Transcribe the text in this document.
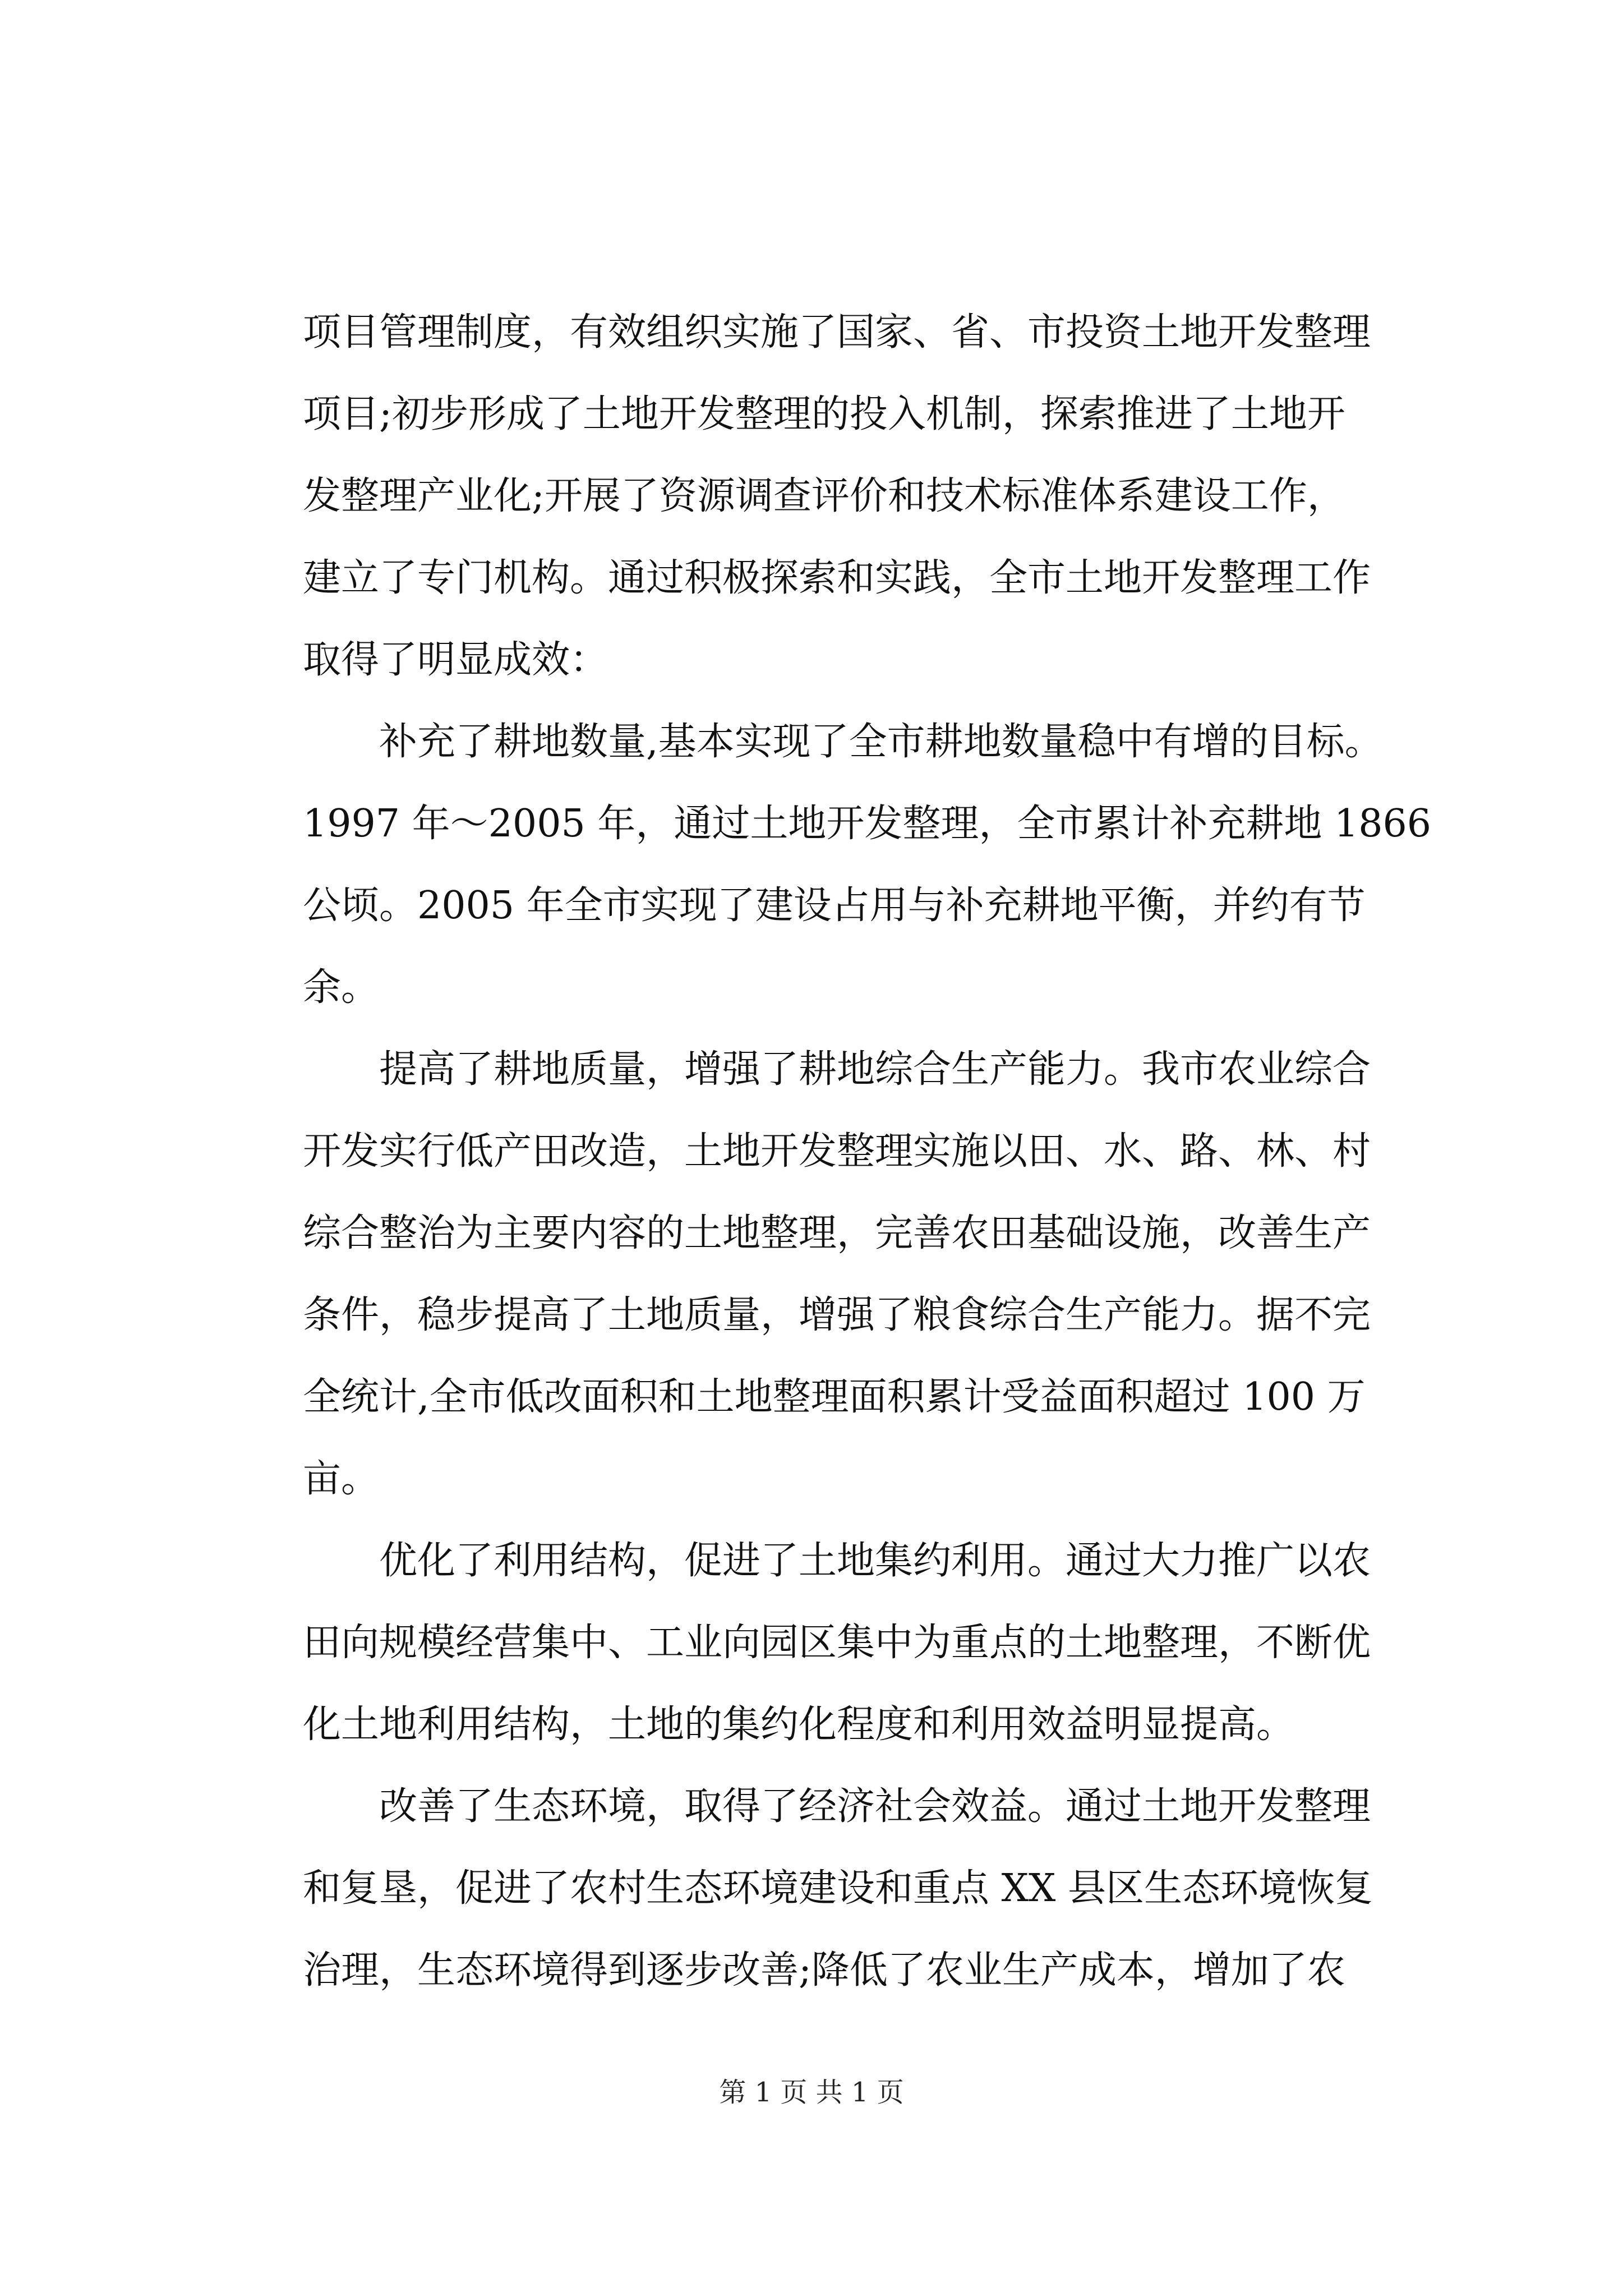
项目管理制度，有效组织实施了国家、省、市投资土地开发整理
项目;初步形成了土地开发整理的投入机制，探索推进了土地开
发整理产业化;开展了资源调查评价和技术标准体系建设工作，
建立了专门机构。通过积极探索和实践，全市土地开发整理工作
取得了明显成效：
补充了耕地数量,基本实现了全市耕地数量稳中有增的目标。
1997 年～2005 年，通过土地开发整理，全市累计补充耕地 1866
公顷。2005 年全市实现了建设占用与补充耕地平衡，并约有节
余。
提高了耕地质量，增强了耕地综合生产能力。我市农业综合
开发实行低产田改造，土地开发整理实施以田、水、路、林、村
综合整治为主要内容的土地整理，完善农田基础设施，改善生产
条件，稳步提高了土地质量，增强了粮食综合生产能力。据不完
全统计,全市低改面积和土地整理面积累计受益面积超过 100 万
亩。
优化了利用结构，促进了土地集约利用。通过大力推广以农
田向规模经营集中、工业向园区集中为重点的土地整理，不断优
化土地利用结构，土地的集约化程度和利用效益明显提高。
改善了生态环境，取得了经济社会效益。通过土地开发整理
和复垦，促进了农村生态环境建设和重点 XX 县区生态环境恢复
治理，生态环境得到逐步改善;降低了农业生产成本，增加了农
第 1 页 共 1 页
